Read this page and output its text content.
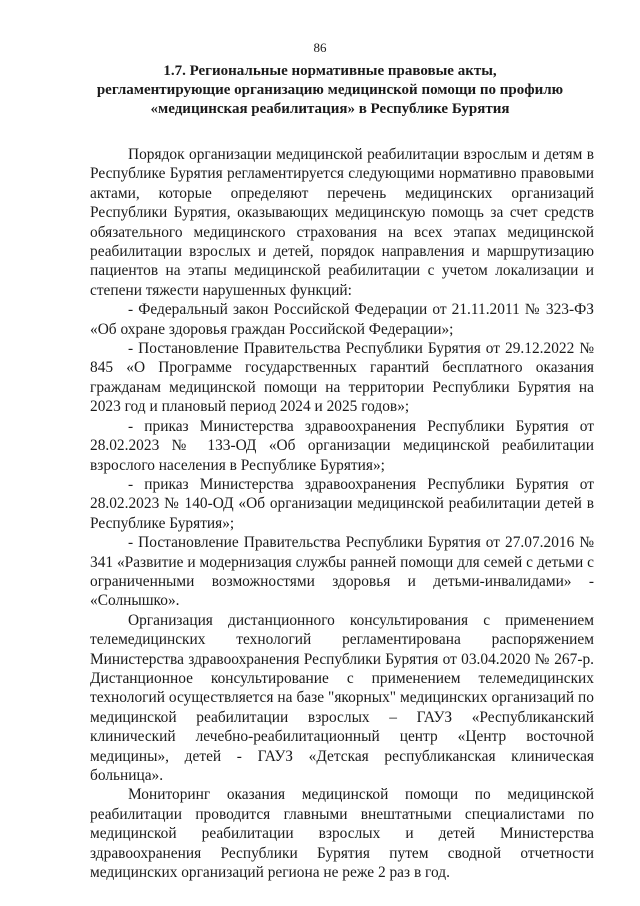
86
1.7. Региональные нормативные правовые акты,
регламентирующие организацию медицинской помощи по профилю
«медицинская реабилитация» в Республике Бурятия

Порядок организации медицинской реабилитации взрослым и детям в Республике Бурятия регламентируется следующими нормативно правовыми актами, которые определяют перечень медицинских организаций Республики Бурятия, оказывающих медицинскую помощь за счет средств обязательного медицинского страхования на всех этапах медицинской реабилитации взрослых и детей, порядок направления и маршрутизацию пациентов на этапы медицинской реабилитации с учетом локализации и степени тяжести нарушенных функций:

- Федеральный закон Российской Федерации от 21.11.2011 № 323-ФЗ «Об охране здоровья граждан Российской Федерации»;

- Постановление Правительства Республики Бурятия от 29.12.2022 № 845 «О Программе государственных гарантий бесплатного оказания гражданам медицинской помощи на территории Республики Бурятия на 2023 год и плановый период 2024 и 2025 годов»;

- приказ Министерства здравоохранения Республики Бурятия от 28.02.2023 № 133-ОД «Об организации медицинской реабилитации взрослого населения в Республике Бурятия»;

- приказ Министерства здравоохранения Республики Бурятия от 28.02.2023 № 140-ОД «Об организации медицинской реабилитации детей в Республике Бурятия»;

- Постановление Правительства Республики Бурятия от 27.07.2016 № 341 «Развитие и модернизация службы ранней помощи для семей с детьми с ограниченными возможностями здоровья и детьми-инвалидами» - «Солнышко».

Организация дистанционного консультирования с применением телемедицинских технологий регламентирована распоряжением Министерства здравоохранения Республики Бурятия от 03.04.2020 № 267-р. Дистанционное консультирование с применением телемедицинских технологий осуществляется на базе "якорных" медицинских организаций по медицинской реабилитации взрослых – ГАУЗ «Республиканский клинический лечебно-реабилитационный центр «Центр восточной медицины», детей - ГАУЗ «Детская республиканская клиническая больница».

Мониторинг оказания медицинской помощи по медицинской реабилитации проводится главными внештатными специалистами по медицинской реабилитации взрослых и детей Министерства здравоохранения Республики Бурятия путем сводной отчетности медицинских организаций региона не реже 2 раз в год.
